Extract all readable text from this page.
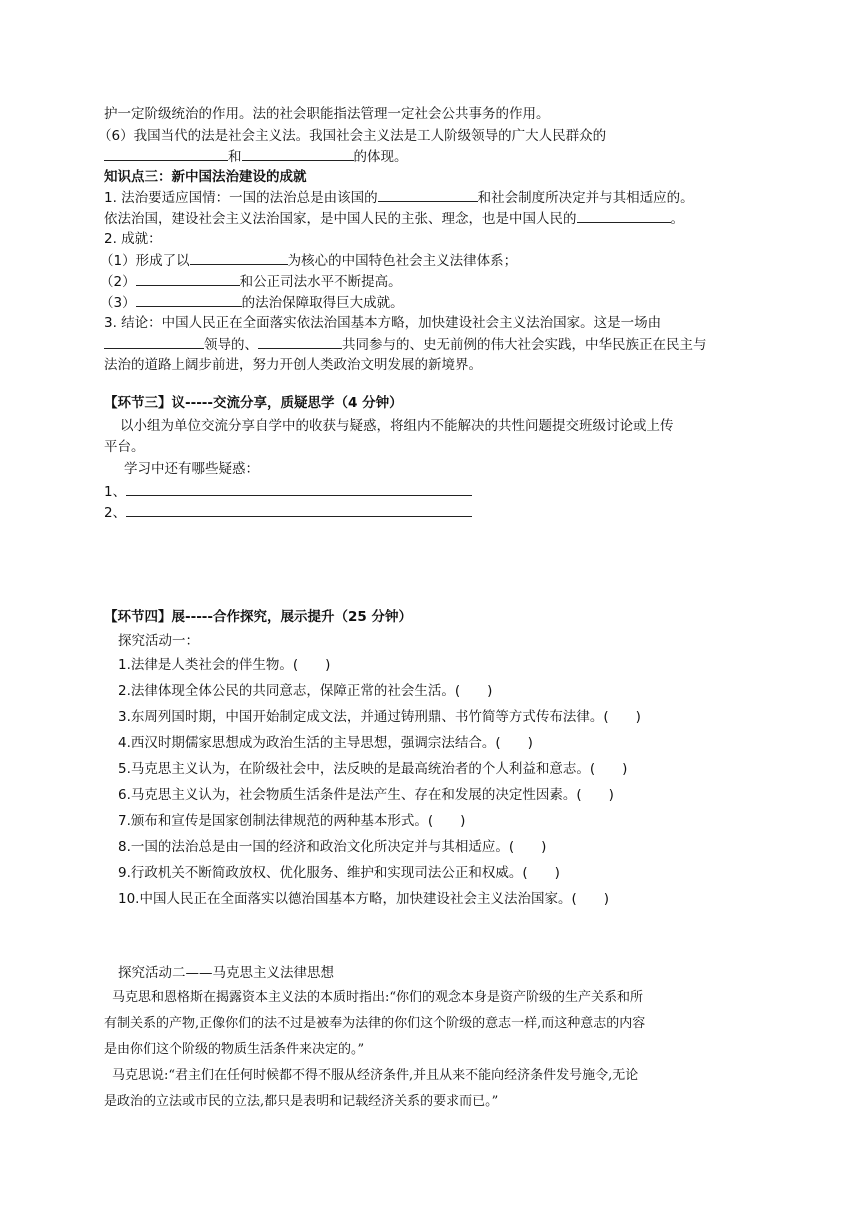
护一定阶级统治的作用。法的社会职能指法管理一定社会公共事务的作用。
（6）我国当代的法是社会主义法。我国社会主义法是工人阶级领导的广大人民群众的
和	的体现。
知识点三：新中国法治建设的成就
1. 法治要适应国情：一国的法治总是由该国的	和社会制度所决定并与其相适应的。
依法治国，建设社会主义法治国家，是中国人民的主张、理念，也是中国人民的	。
2. 成就：
（1）形成了以	为核心的中国特色社会主义法律体系；
（2）	和公正司法水平不断提高。
（3）	的法治保障取得巨大成就。
3. 结论：中国人民正在全面落实依法治国基本方略，加快建设社会主义法治国家。这是一场由
领导的、	共同参与的、史无前例的伟大社会实践，中华民族正在民主与
法治的道路上阔步前进，努力开创人类政治文明发展的新境界。
【环节三】议-----交流分享，质疑思学（4 分钟）
以小组为单位交流分享自学中的收获与疑惑，将组内不能解决的共性问题提交班级讨论或上传
平台。
学习中还有哪些疑惑：
1、
2、
【环节四】展-----合作探究，展示提升（25 分钟）
探究活动一：
1.法律是人类社会的伴生物。(　　)
2.法律体现全体公民的共同意志，保障正常的社会生活。(　　)
3.东周列国时期，中国开始制定成文法，并通过铸刑鼎、书竹简等方式传布法律。(　　)
4.西汉时期儒家思想成为政治生活的主导思想，强调宗法结合。(　　)
5.马克思主义认为，在阶级社会中，法反映的是最高统治者的个人利益和意志。(　　)
6.马克思主义认为，社会物质生活条件是法产生、存在和发展的决定性因素。(　　)
7.颁布和宣传是国家创制法律规范的两种基本形式。(　　)
8.一国的法治总是由一国的经济和政治文化所决定并与其相适应。(　　)
9.行政机关不断简政放权、优化服务、维护和实现司法公正和权威。(　　)
10.中国人民正在全面落实以德治国基本方略，加快建设社会主义法治国家。(　　)
探究活动二——马克思主义法律思想
马克思和恩格斯在揭露资本主义法的本质时指出:“你们的观念本身是资产阶级的生产关系和所
有制关系的产物,正像你们的法不过是被奉为法律的你们这个阶级的意志一样,而这种意志的内容
是由你们这个阶级的物质生活条件来决定的。”
马克思说:“君主们在任何时候都不得不服从经济条件,并且从来不能向经济条件发号施令,无论
是政治的立法或市民的立法,都只是表明和记载经济关系的要求而已。”
